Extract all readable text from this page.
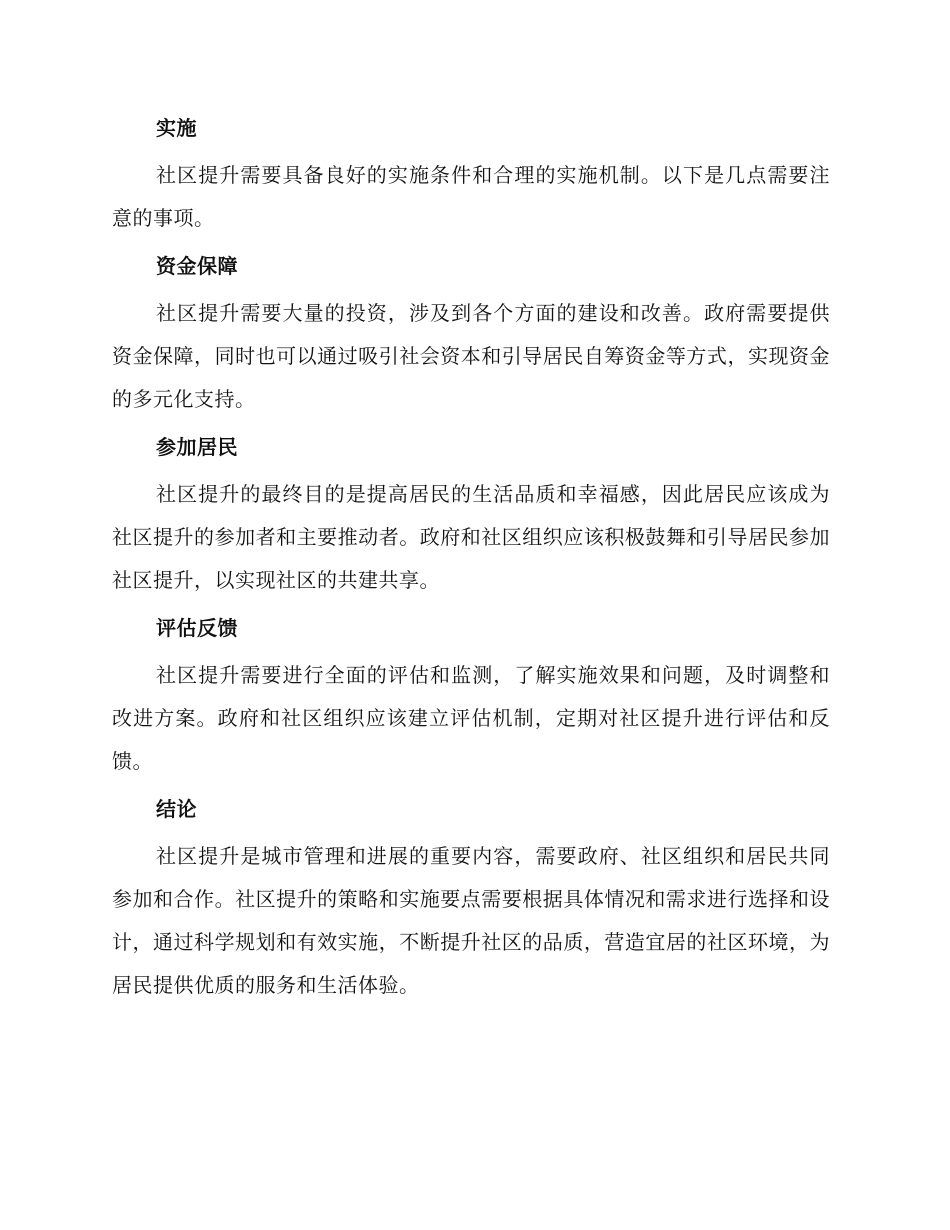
实施

社区提升需要具备良好的实施条件和合理的实施机制。以下是几点需要注意的事项。

资金保障

社区提升需要大量的投资，涉及到各个方面的建设和改善。政府需要提供资金保障，同时也可以通过吸引社会资本和引导居民自筹资金等方式，实现资金的多元化支持。

参加居民

社区提升的最终目的是提高居民的生活品质和幸福感，因此居民应该成为社区提升的参加者和主要推动者。政府和社区组织应该积极鼓舞和引导居民参加社区提升，以实现社区的共建共享。

评估反馈

社区提升需要进行全面的评估和监测，了解实施效果和问题，及时调整和改进方案。政府和社区组织应该建立评估机制，定期对社区提升进行评估和反馈。

结论

社区提升是城市管理和进展的重要内容，需要政府、社区组织和居民共同参加和合作。社区提升的策略和实施要点需要根据具体情况和需求进行选择和设计，通过科学规划和有效实施，不断提升社区的品质，营造宜居的社区环境，为居民提供优质的服务和生活体验。
